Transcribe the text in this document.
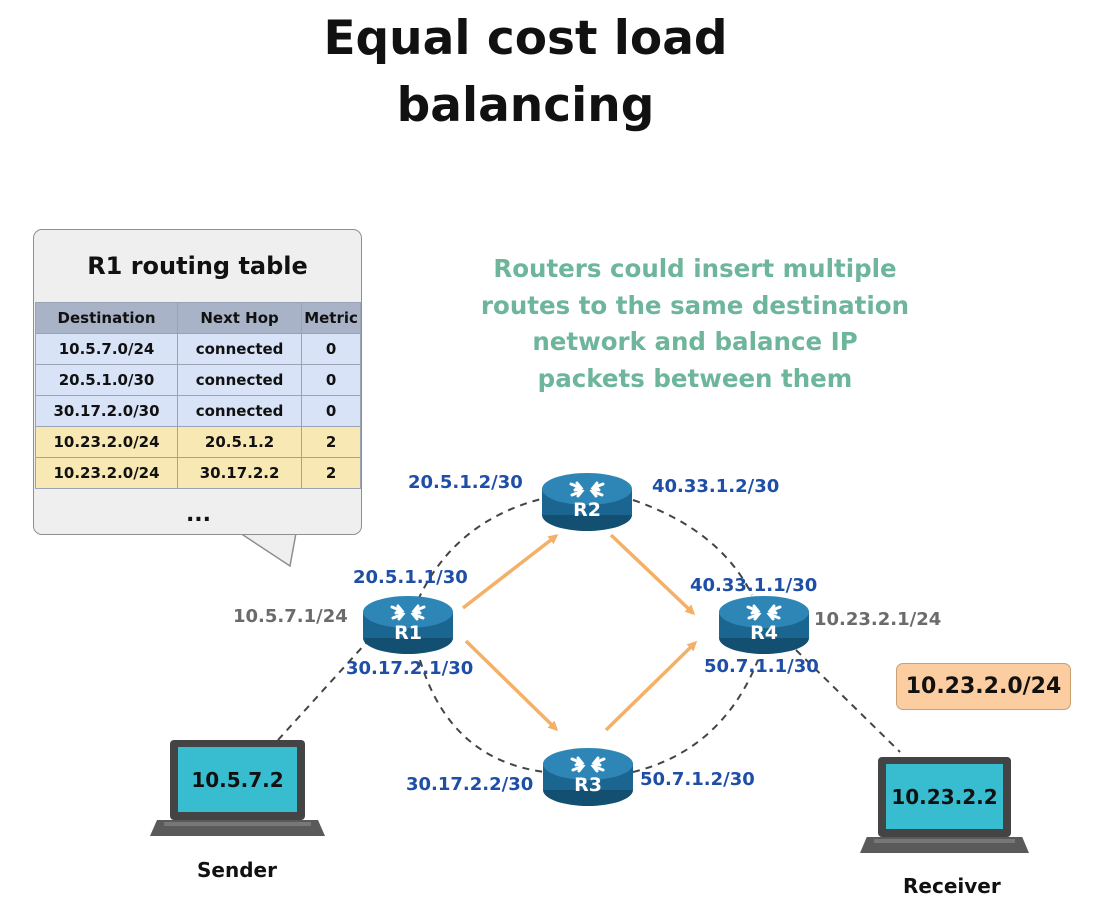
Equal cost load
balancing
R1 routing table
Destination	Next Hop	Metric
10.5.7.0/24	connected	0
20.5.1.0/30	connected	0
30.17.2.0/30	connected	0
10.23.2.0/24	20.5.1.2	2
10.23.2.0/24	30.17.2.2	2
...
Routers could insert multiple
routes to the same destination
network and balance IP
packets between them
R1
R2
R3
R4
10.5.7.1/24
20.5.1.1/30
30.17.2.1/30
20.5.1.2/30	40.33.1.2/30
30.17.2.2/30	50.7.1.2/30
40.33.1.1/30
50.7.1.1/30
10.23.2.1/24
10.23.2.0/24
10.5.7.2
Sender
10.23.2.2
Receiver
